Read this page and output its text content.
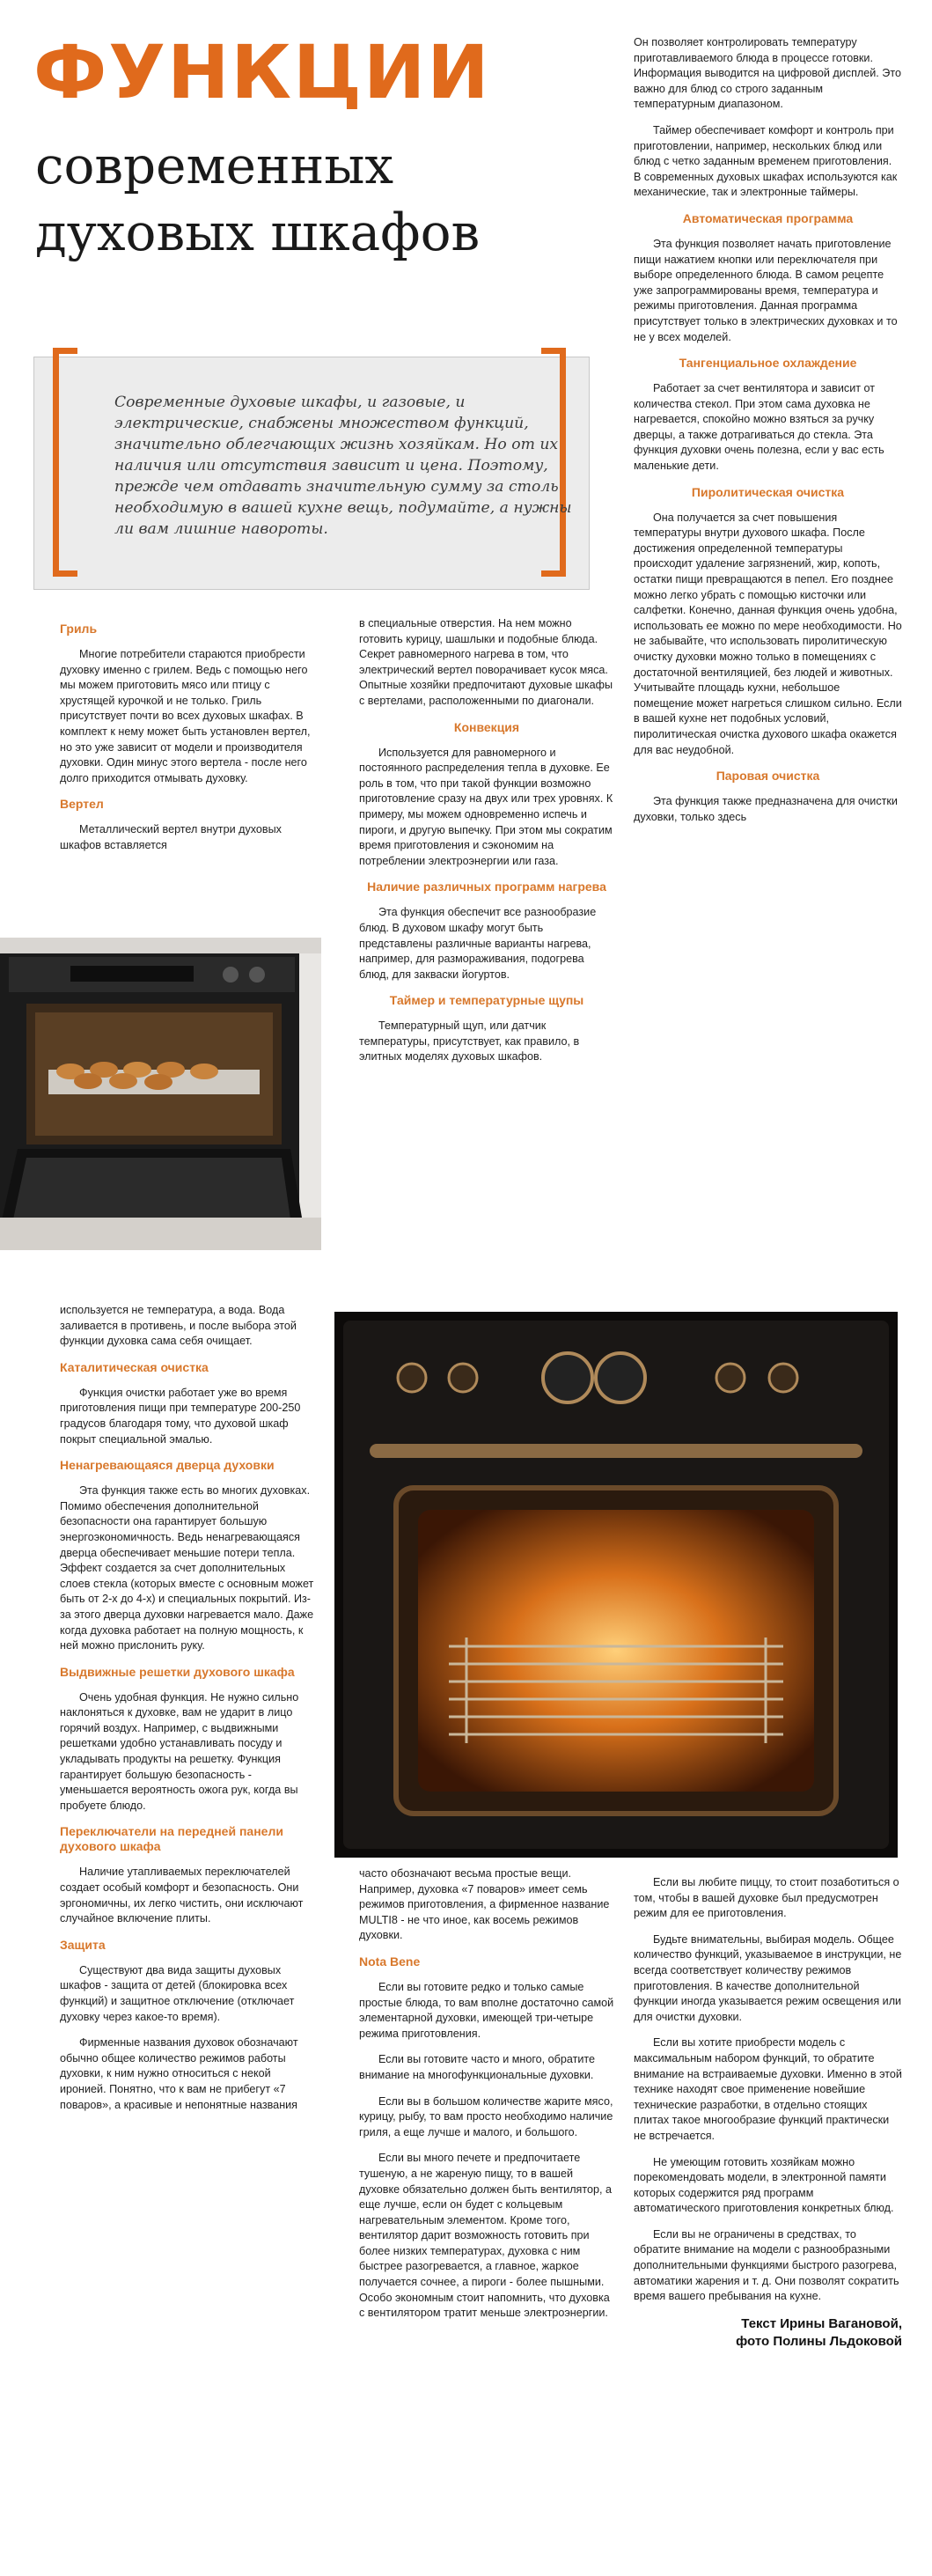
ФУНКЦИИ
современных
духовых шкафов
Современные духовые шкафы, и газовые, и электрические, снабжены множеством функций, значительно облегчающих жизнь хозяйкам. Но от их наличия или отсутствия зависит и цена. Поэтому, прежде чем отдавать значительную сумму за столь необходимую в вашей кухне вещь, подумайте, а нужны ли вам лишние навороты.

Он позволяет контролировать температуру приготавливаемого блюда в процессе готовки. Информация выводится на цифровой дисплей. Это важно для блюд со строго заданным температурным диапазоном.

Таймер обеспечивает комфорт и контроль при приготовлении, например, нескольких блюд или блюд с четко заданным временем приготовления. В современных духовых шкафах используются как механические, так и электронные таймеры.

Автоматическая программа

Эта функция позволяет начать приготовление пищи нажатием кнопки или переключателя при выборе определенного блюда. В самом рецепте уже запрограммированы время, температура и режимы приготовления. Данная программа присутствует только в электрических духовках и то не у всех моделей.

Тангенциальное охлаждение

Работает за счет вентилятора и зависит от количества стекол. При этом сама духовка не нагревается, спокойно можно взяться за ручку дверцы, а также дотрагиваться до стекла. Эта функция духовки очень полезна, если у вас есть маленькие дети.

Пиролитическая очистка

Она получается за счет повышения температуры внутри духового шкафа. После достижения определенной температуры происходит удаление загрязнений, жир, копоть, остатки пищи превращаются в пепел. Его позднее можно легко убрать с помощью кисточки или салфетки. Конечно, данная функция очень удобна, использовать ее можно по мере необходимости. Но не забывайте, что использовать пиролитическую очистку духовки можно только в помещениях с достаточной вентиляцией, без людей и животных. Учитывайте площадь кухни, небольшое помещение может нагреться слишком сильно. Если в вашей кухне нет подобных условий, пиролитическая очистка духового шкафа окажется для вас неудобной.

Паровая очистка

Эта функция также предназначена для очистки духовки, только здесь

Гриль

Многие потребители стараются приобрести духовку именно с грилем. Ведь с помощью него мы можем приготовить мясо или птицу с хрустящей курочкой и не только. Гриль присутствует почти во всех духовых шкафах. В комплект к нему может быть установлен вертел, но это уже зависит от модели и производителя духовки. Один минус этого вертела - после него долго приходится отмывать духовку.

Вертел

Металлический вертел внутри духовых шкафов вставляется

в специальные отверстия. На нем можно готовить курицу, шашлыки и подобные блюда. Секрет равномерного нагрева в том, что электрический вертел поворачивает кусок мяса. Опытные хозяйки предпочитают духовые шкафы с вертелами, расположенными по диагонали.

Конвекция

Используется для равномерного и постоянного распределения тепла в духовке. Ее роль в том, что при такой функции возможно приготовление сразу на двух или трех уровнях. К примеру, мы можем одновременно испечь и пироги, и другую выпечку. При этом мы сократим время приготовления и сэкономим на потреблении электроэнергии или газа.

Наличие различных программ нагрева

Эта функция обеспечит все разнообразие блюд. В духовом шкафу могут быть представлены различные варианты нагрева, например, для размораживания, подогрева блюд, для закваски йогуртов.

Таймер и температурные щупы

Температурный щуп, или датчик температуры, присутствует, как правило, в элитных моделях духовых шкафов.

используется не температура, а вода. Вода заливается в противень, и после выбора этой функции духовка сама себя очищает.

Каталитическая очистка

Функция очистки работает уже во время приготовления пищи при температуре 200-250 градусов благодаря тому, что духовой шкаф покрыт специальной эмалью.

Ненагревающаяся дверца духовки

Эта функция также есть во многих духовках. Помимо обеспечения дополнительной безопасности она гарантирует большую энергоэкономичность. Ведь ненагревающаяся дверца обеспечивает меньшие потери тепла. Эффект создается за счет дополнительных слоев стекла (которых вместе с основным может быть от 2-х до 4-х) и специальных покрытий. Из-за этого дверца духовки нагревается мало. Даже когда духовка работает на полную мощность, к ней можно прислонить руку.

Выдвижные решетки духового шкафа

Очень удобная функция. Не нужно сильно наклоняться к духовке, вам не ударит в лицо горячий воздух. Например, с выдвижными решетками удобно устанавливать посуду и укладывать продукты на решетку. Функция гарантирует большую безопасность - уменьшается вероятность ожога рук, когда вы пробуете блюдо.

Переключатели на передней панели духового шкафа

Наличие утапливаемых переключателей создает особый комфорт и безопасность. Они эргономичны, их легко чистить, они исключают случайное включение плиты.

Защита

Существуют два вида защиты духовых шкафов - защита от детей (блокировка всех функций) и защитное отключение (отключает духовку через какое-то время).

Фирменные названия духовок обозначают обычно общее количество режимов работы духовки, к ним нужно относиться с некой иронией. Понятно, что к вам не прибегут «7 поваров», а красивые и непонятные названия

часто обозначают весьма простые вещи. Например, духовка «7 поваров» имеет семь режимов приготовления, а фирменное название MULTI8 - не что иное, как восемь режимов духовки.

Nota Bene

Если вы готовите редко и только самые простые блюда, то вам вполне достаточно самой элементарной духовки, имеющей три-четыре режима приготовления.

Если вы готовите часто и много, обратите внимание на многофункциональные духовки.

Если вы в большом количестве жарите мясо, курицу, рыбу, то вам просто необходимо наличие гриля, а еще лучше и малого, и большого.

Если вы много печете и предпочитаете тушеную, а не жареную пищу, то в вашей духовке обязательно должен быть вентилятор, а еще лучше, если он будет с кольцевым нагревательным элементом. Кроме того, вентилятор дарит возможность готовить при более низких температурах, духовка с ним быстрее разогревается, а главное, жаркое получается сочнее, а пироги - более пышными. Особо экономным стоит напомнить, что духовка с вентилятором тратит меньше электроэнергии.

Если вы любите пиццу, то стоит позаботиться о том, чтобы в вашей духовке был предусмотрен режим для ее приготовления.

Будьте внимательны, выбирая модель. Общее количество функций, указываемое в инструкции, не всегда соответствует количеству режимов приготовления. В качестве дополнительной функции иногда указывается режим освещения или для очистки духовки.

Если вы хотите приобрести модель с максимальным набором функций, то обратите внимание на встраиваемые духовки. Именно в этой технике находят свое применение новейшие технические разработки, в отдельно стоящих плитах такое многообразие функций практически не встречается.

Не умеющим готовить хозяйкам можно порекомендовать модели, в электронной памяти которых содержится ряд программ автоматического приготовления конкретных блюд.

Если вы не ограничены в средствах, то обратите внимание на модели с разнообразными дополнительными функциями быстрого разогрева, автоматики жарения и т. д. Они позволят сократить время вашего пребывания на кухне.

Текст Ирины Вагановой,
фото Полины Льдоковой
